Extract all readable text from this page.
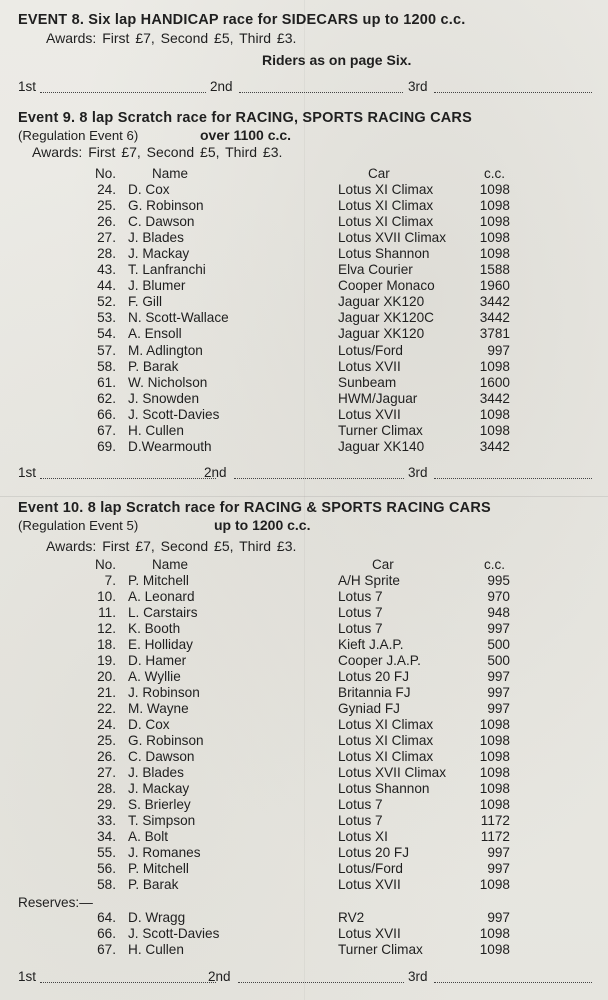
EVENT 8. Six lap HANDICAP race for SIDECARS up to 1200 c.c.
Awards: First £7, Second £5, Third £3.
Riders as on page Six.
1st	2nd	3rd
Event 9. 8 lap Scratch race for RACING, SPORTS RACING CARS
(Regulation Event 6)	over 1100 c.c.
Awards: First £7, Second £5, Third £3.
No.	Name	Car	c.c.
24. D. Cox	Lotus XI Climax	1098
25. G. Robinson	Lotus XI Climax	1098
26. C. Dawson	Lotus XI Climax	1098
27. J. Blades	Lotus XVII Climax	1098
28. J. Mackay	Lotus Shannon	1098
43. T. Lanfranchi	Elva Courier	1588
44. J. Blumer	Cooper Monaco	1960
52. F. Gill	Jaguar XK120	3442
53. N. Scott-Wallace	Jaguar XK120C	3442
54. A. Ensoll	Jaguar XK120	3781
57. M. Adlington	Lotus/Ford	997
58. P. Barak	Lotus XVII	1098
61. W. Nicholson	Sunbeam	1600
62. J. Snowden	HWM/Jaguar	3442
66. J. Scott-Davies	Lotus XVII	1098
67. H. Cullen	Turner Climax	1098
69. D.Wearmouth	Jaguar XK140	3442
1st	2nd	3rd
Event 10. 8 lap Scratch race for RACING & SPORTS RACING CARS
(Regulation Event 5)	up to 1200 c.c.
Awards: First £7, Second £5, Third £3.
No.	Name	Car	c.c.
7. P. Mitchell	A/H Sprite	995
10. A. Leonard	Lotus 7	970
11. L. Carstairs	Lotus 7	948
12. K. Booth	Lotus 7	997
18. E. Holliday	Kieft J.A.P.	500
19. D. Hamer	Cooper J.A.P.	500
20. A. Wyllie	Lotus 20 FJ	997
21. J. Robinson	Britannia FJ	997
22. M. Wayne	Gyniad FJ	997
24. D. Cox	Lotus XI Climax	1098
25. G. Robinson	Lotus XI Climax	1098
26. C. Dawson	Lotus XI Climax	1098
27. J. Blades	Lotus XVII Climax	1098
28. J. Mackay	Lotus Shannon	1098
29. S. Brierley	Lotus 7	1098
33. T. Simpson	Lotus 7	1172
34. A. Bolt	Lotus XI	1172
55. J. Romanes	Lotus 20 FJ	997
56. P. Mitchell	Lotus/Ford	997
58. P. Barak	Lotus XVII	1098
Reserves:—
64. D. Wragg	RV2	997
66. J. Scott-Davies	Lotus XVII	1098
67. H. Cullen	Turner Climax	1098
1st	2nd	3rd
